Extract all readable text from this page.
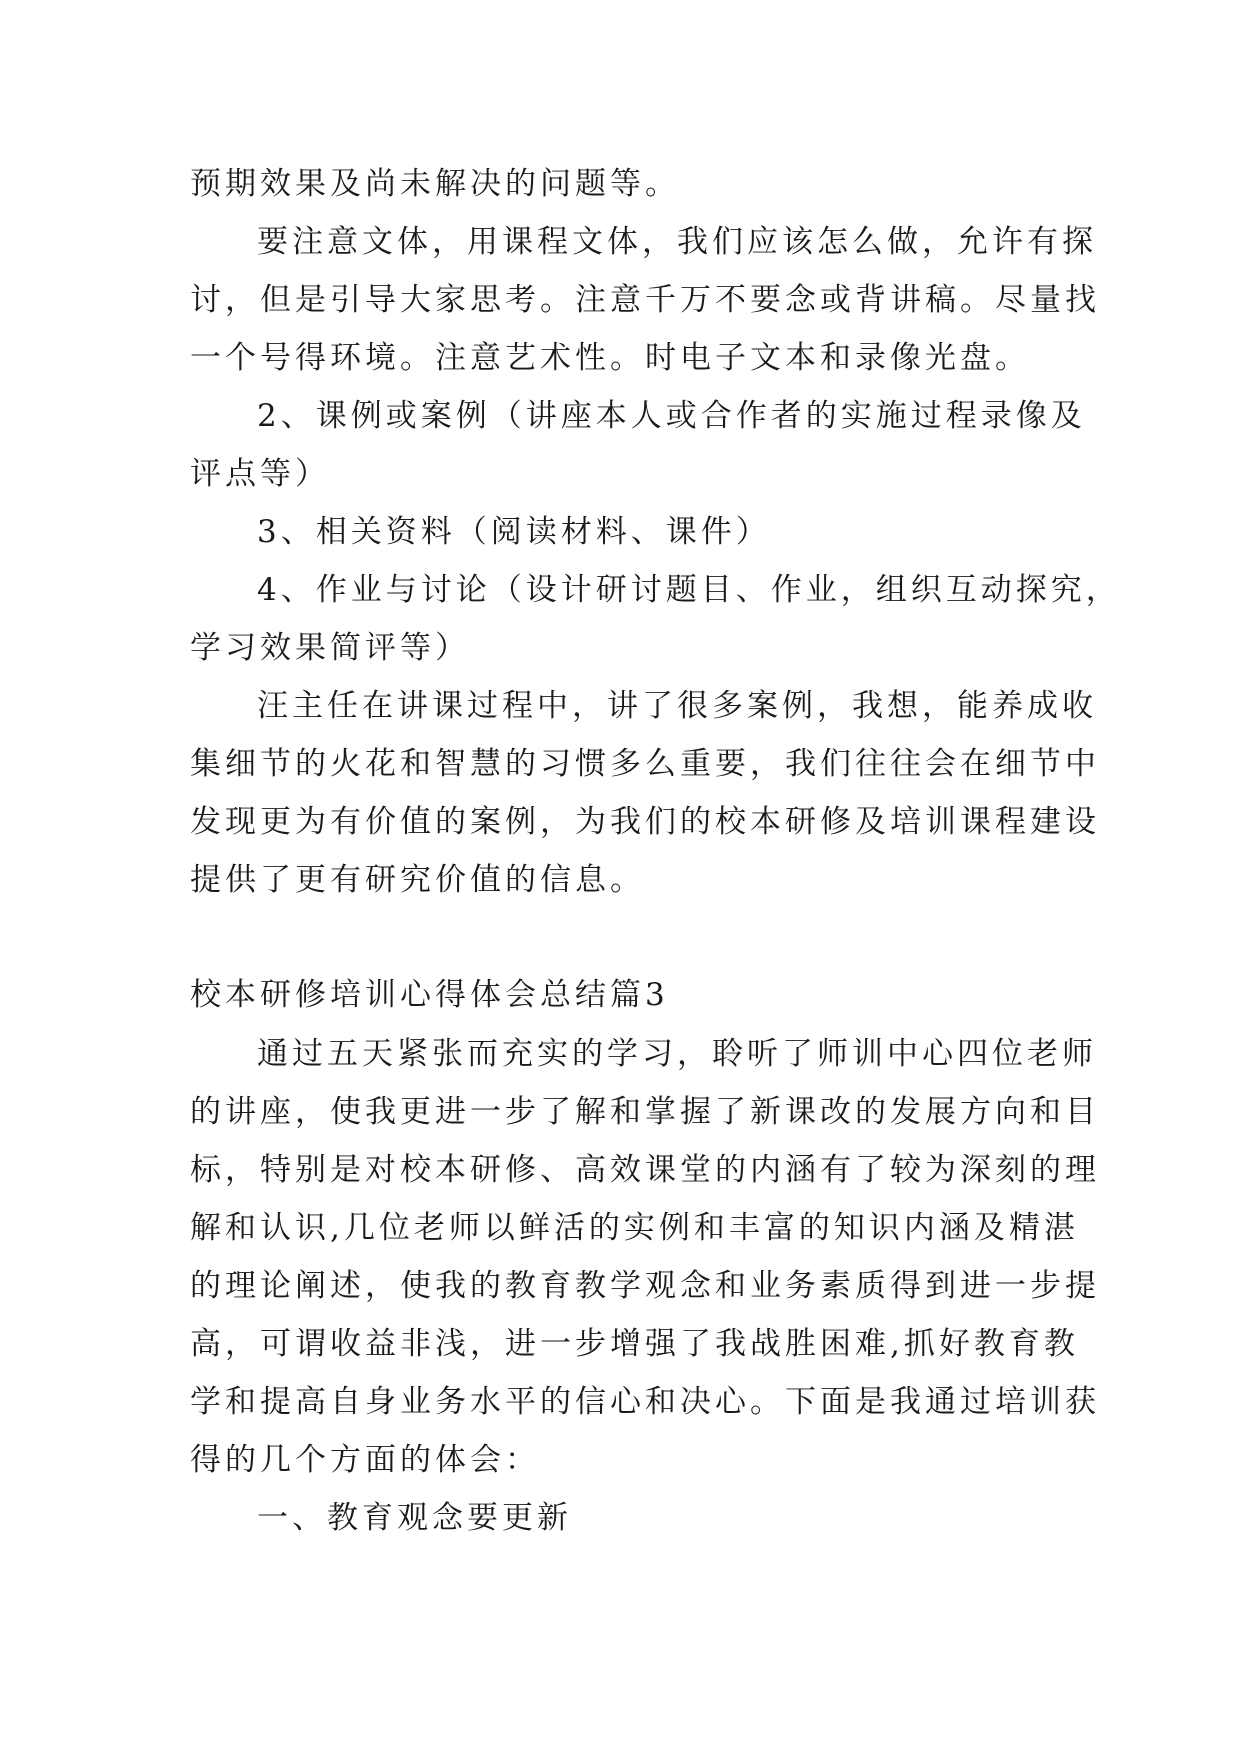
预期效果及尚未解决的问题等。
要注意文体，用课程文体，我们应该怎么做，允许有探
讨，但是引导大家思考。注意千万不要念或背讲稿。尽量找
一个号得环境。注意艺术性。时电子文本和录像光盘。
2、课例或案例（讲座本人或合作者的实施过程录像及
评点等）
3、相关资料（阅读材料、课件）
4、作业与讨论（设计研讨题目、作业，组织互动探究，
学习效果简评等）
汪主任在讲课过程中，讲了很多案例，我想，能养成收
集细节的火花和智慧的习惯多么重要，我们往往会在细节中
发现更为有价值的案例，为我们的校本研修及培训课程建设
提供了更有研究价值的信息。
校本研修培训心得体会总结篇3
通过五天紧张而充实的学习，聆听了师训中心四位老师
的讲座，使我更进一步了解和掌握了新课改的发展方向和目
标，特别是对校本研修、高效课堂的内涵有了较为深刻的理
解和认识,几位老师以鲜活的实例和丰富的知识内涵及精湛
的理论阐述，使我的教育教学观念和业务素质得到进一步提
高，可谓收益非浅，进一步增强了我战胜困难,抓好教育教
学和提高自身业务水平的信心和决心。下面是我通过培训获
得的几个方面的体会：
一、教育观念要更新
